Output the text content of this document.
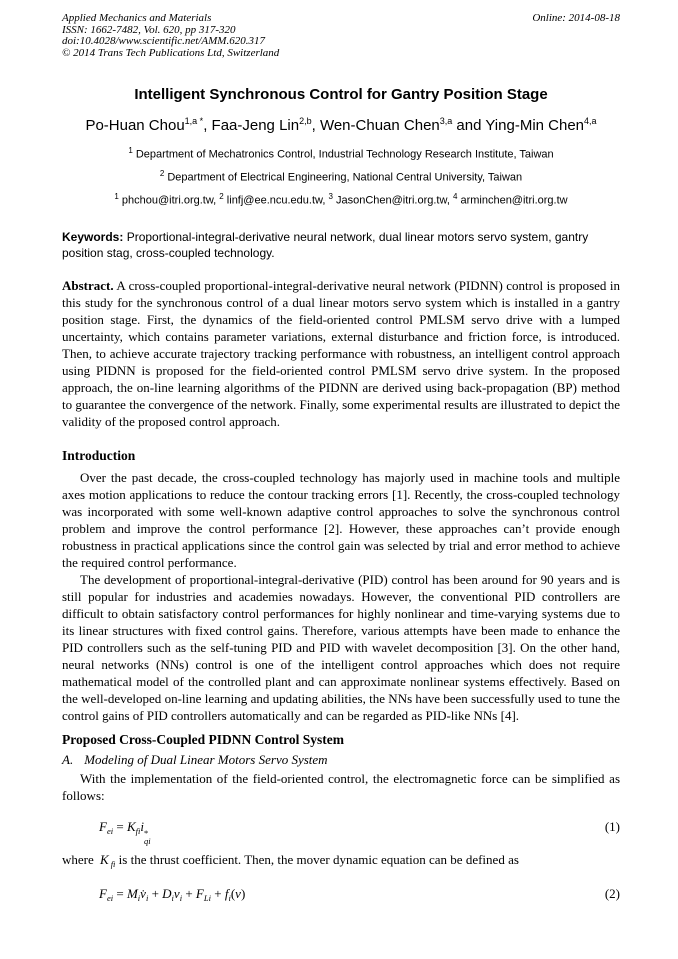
Applied Mechanics and Materials
ISSN: 1662-7482, Vol. 620, pp 317-320
doi:10.4028/www.scientific.net/AMM.620.317
© 2014 Trans Tech Publications Ltd, Switzerland
Online: 2014-08-18
Intelligent Synchronous Control for Gantry Position Stage
Po-Huan Chou$^{1,a *}$, Faa-Jeng Lin$^{2,b}$, Wen-Chuan Chen$^{3,a}$ and Ying-Min Chen$^{4,a}$
$^1$ Department of Mechatronics Control, Industrial Technology Research Institute, Taiwan
$^2$ Department of Electrical Engineering, National Central University, Taiwan
$^1$ phchou@itri.org.tw, $^2$ linfj@ee.ncu.edu.tw, $^3$ JasonChen@itri.org.tw, $^4$ arminchen@itri.org.tw

Keywords: Proportional-integral-derivative neural network, dual linear motors servo system, gantry position stag, cross-coupled technology.

Abstract. A cross-coupled proportional-integral-derivative neural network (PIDNN) control is proposed in this study for the synchronous control of a dual linear motors servo system which is installed in a gantry position stage. First, the dynamics of the field-oriented control PMLSM servo drive with a lumped uncertainty, which contains parameter variations, external disturbance and friction force, is introduced. Then, to achieve accurate trajectory tracking performance with robustness, an intelligent control approach using PIDNN is proposed for the field-oriented control PMLSM servo drive system. In the proposed approach, the on-line learning algorithms of the PIDNN are derived using back-propagation (BP) method to guarantee the convergence of the network. Finally, some experimental results are illustrated to depict the validity of the proposed control approach.

Introduction

Over the past decade, the cross-coupled technology has majorly used in machine tools and multiple axes motion applications to reduce the contour tracking errors [1]. Recently, the cross-coupled technology was incorporated with some well-known adaptive control approaches to solve the synchronous control problem and improve the control performance [2]. However, these approaches can’t provide enough robustness in practical applications since the control gain was selected by trial and error method to achieve the required control performance.

The development of proportional-integral-derivative (PID) control has been around for 90 years and is still popular for industries and academies nowadays. However, the conventional PID controllers are difficult to obtain satisfactory control performances for highly nonlinear and time-varying systems due to its linear structures with fixed control gains. Therefore, various attempts have been made to enhance the PID controllers such as the self-tuning PID and PID with wavelet decomposition [3]. On the other hand, neural networks (NNs) control is one of the intelligent control approaches which does not require mathematical model of the controlled plant and can approximate nonlinear systems effectively. Based on the well-developed on-line learning and updating abilities, the NNs have been successfully used to tune the control gains of PID controllers automatically and can be regarded as PID-like NNs [4].

Proposed Cross-Coupled PIDNN Control System
A. Modeling of Dual Linear Motors Servo System

With the implementation of the field-oriented control, the electromagnetic force can be simplified as follows:

$F_{ei} = K_{fi}i$ *
qi
(1)

where K $_{fi}$ is the thrust coefficient. Then, the mover dynamic equation can be defined as

$F_{ei}$ = $M_iv̇_i + D_iv_i + F_{Li} + f_i(v)$	(2)
